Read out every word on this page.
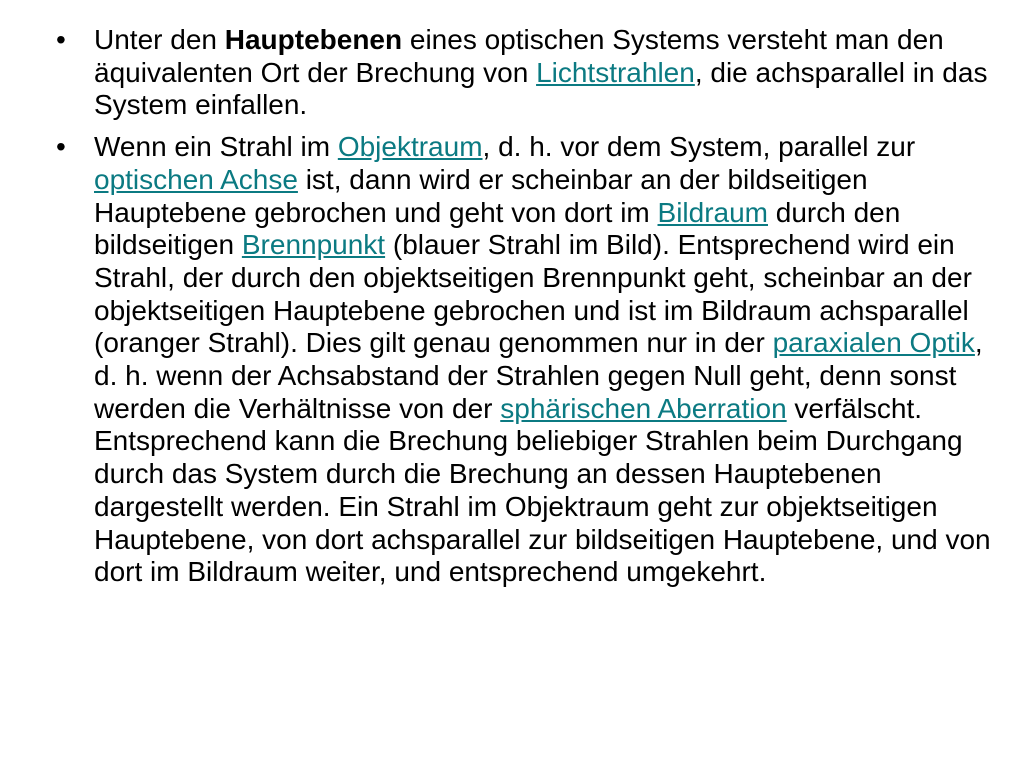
• Unter den Hauptebenen eines optischen Systems versteht man den äquivalenten Ort der Brechung von Lichtstrahlen, die achsparallel in das System einfallen.
• Wenn ein Strahl im Objektraum, d. h. vor dem System, parallel zur optischen Achse ist, dann wird er scheinbar an der bildseitigen Hauptebene gebrochen und geht von dort im Bildraum durch den bildseitigen Brennpunkt (blauer Strahl im Bild). Entsprechend wird ein Strahl, der durch den objektseitigen Brennpunkt geht, scheinbar an der objektseitigen Hauptebene gebrochen und ist im Bildraum achsparallel (oranger Strahl). Dies gilt genau genommen nur in der paraxialen Optik, d. h. wenn der Achsabstand der Strahlen gegen Null geht, denn sonst werden die Verhältnisse von der sphärischen Aberration verfälscht. Entsprechend kann die Brechung beliebiger Strahlen beim Durchgang durch das System durch die Brechung an dessen Hauptebenen dargestellt werden. Ein Strahl im Objektraum geht zur objektseitigen Hauptebene, von dort achsparallel zur bildseitigen Hauptebene, und von dort im Bildraum weiter, und entsprechend umgekehrt.
